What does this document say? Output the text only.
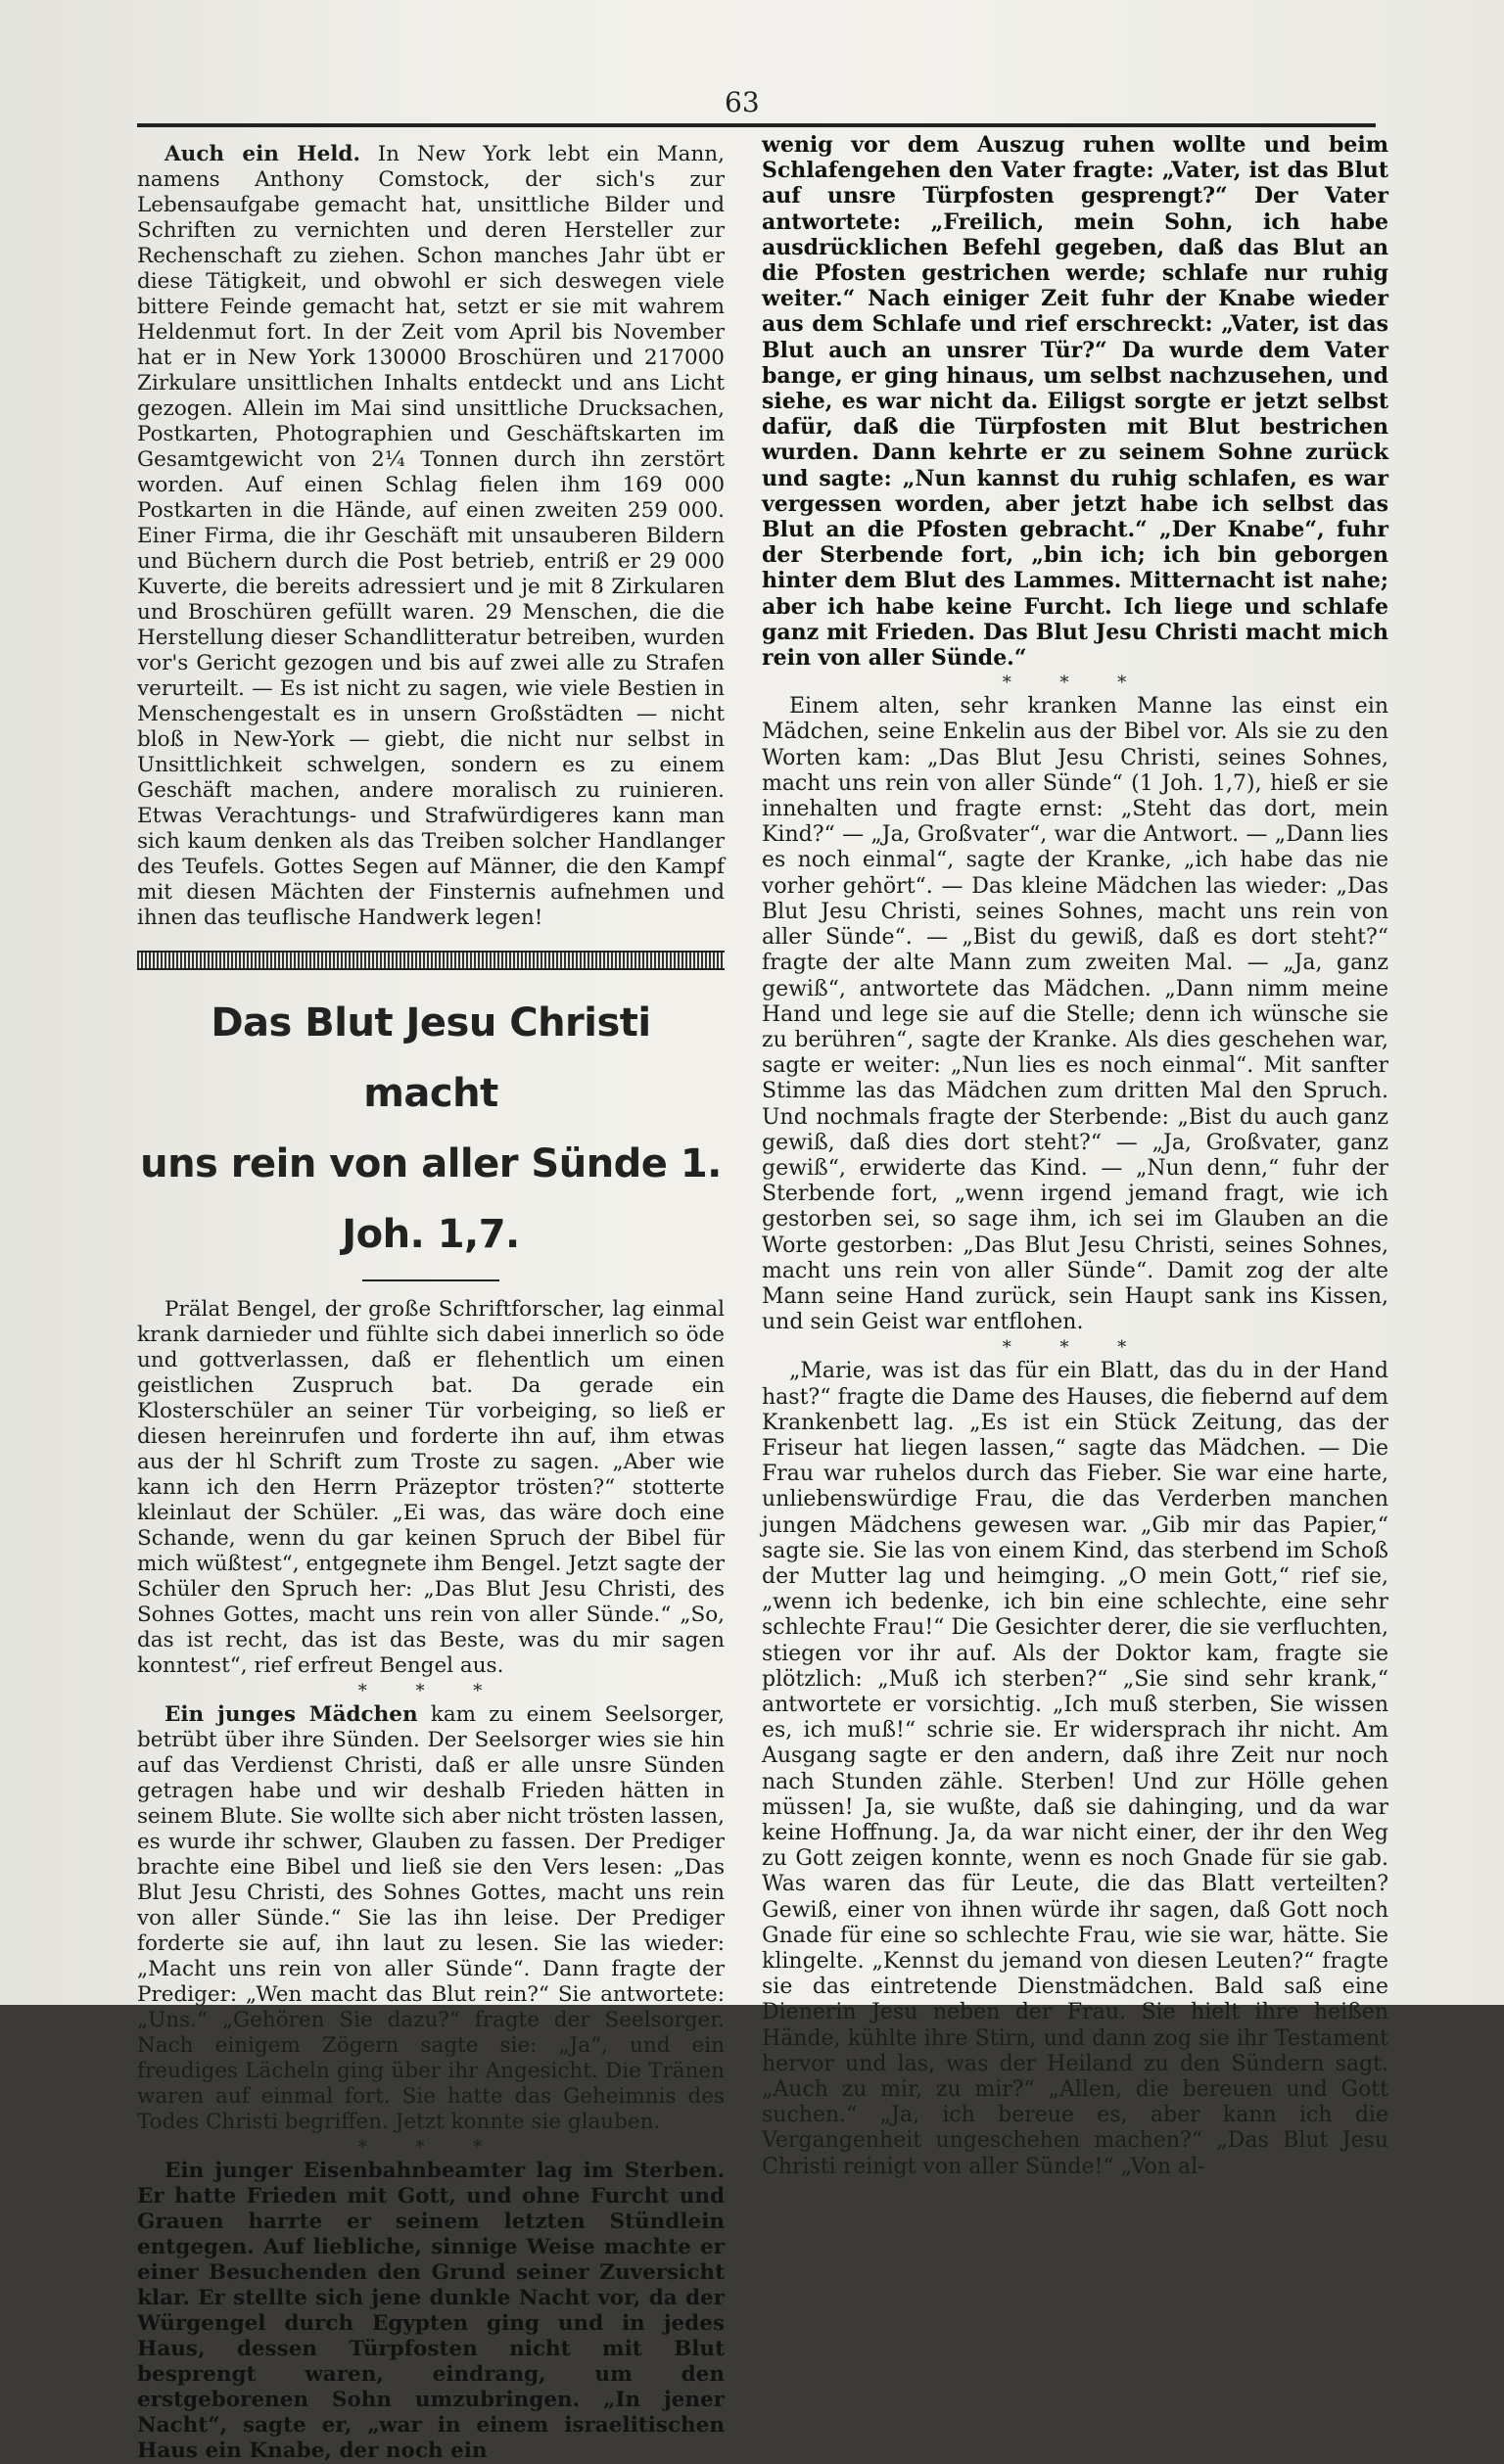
63

Auch ein Held. In New York lebt ein Mann, namens Anthony Comstock, der sich's zur Lebensaufgabe gemacht hat, unsittliche Bilder und Schriften zu vernichten und deren Hersteller zur Rechenschaft zu ziehen. Schon manches Jahr übt er diese Tätigkeit, und obwohl er sich deswegen viele bittere Feinde gemacht hat, setzt er sie mit wahrem Heldenmut fort. In der Zeit vom April bis November hat er in New York 130000 Broschüren und 217000 Zirkulare unsittlichen Inhalts entdeckt und ans Licht gezogen. Allein im Mai sind unsittliche Drucksachen, Postkarten, Photographien und Geschäftskarten im Gesamtgewicht von 2¼ Tonnen durch ihn zerstört worden. Auf einen Schlag fielen ihm 169 000 Postkarten in die Hände, auf einen zweiten 259 000. Einer Firma, die ihr Geschäft mit unsauberen Bildern und Büchern durch die Post betrieb, entriß er 29 000 Kuverte, die bereits adressiert und je mit 8 Zirkularen und Broschüren gefüllt waren. 29 Menschen, die die Herstellung dieser Schandlitteratur betreiben, wurden vor's Gericht gezogen und bis auf zwei alle zu Strafen verurteilt. — Es ist nicht zu sagen, wie viele Bestien in Menschengestalt es in unsern Großstädten — nicht bloß in New-York — giebt, die nicht nur selbst in Unsittlichkeit schwelgen, sondern es zu einem Geschäft machen, andere moralisch zu ruinieren. Etwas Verachtungs- und Strafwürdigeres kann man sich kaum denken als das Treiben solcher Handlanger des Teufels. Gottes Segen auf Männer, die den Kampf mit diesen Mächten der Finsternis aufnehmen und ihnen das teuflische Handwerk legen!

Das Blut Jesu Christi macht
uns rein von aller Sünde 1. Joh. 1,7.

Prälat Bengel, der große Schriftforscher, lag einmal krank darnieder und fühlte sich dabei innerlich so öde und gottverlassen, daß er flehentlich um einen geistlichen Zuspruch bat. Da gerade ein Klosterschüler an seiner Tür vorbeiging, so ließ er diesen hereinrufen und forderte ihn auf, ihm etwas aus der hl Schrift zum Troste zu sagen. „Aber wie kann ich den Herrn Präzeptor trösten?“ stotterte kleinlaut der Schüler. „Ei was, das wäre doch eine Schande, wenn du gar keinen Spruch der Bibel für mich wüßtest“, entgegnete ihm Bengel. Jetzt sagte der Schüler den Spruch her: „Das Blut Jesu Christi, des Sohnes Gottes, macht uns rein von aller Sünde.“ „So, das ist recht, das ist das Beste, was du mir sagen konntest“, rief erfreut Bengel aus.

* * *

Ein junges Mädchen kam zu einem Seelsorger, betrübt über ihre Sünden. Der Seelsorger wies sie hin auf das Verdienst Christi, daß er alle unsre Sünden getragen habe und wir deshalb Frieden hätten in seinem Blute. Sie wollte sich aber nicht trösten lassen, es wurde ihr schwer, Glauben zu fassen. Der Prediger brachte eine Bibel und ließ sie den Vers lesen: „Das Blut Jesu Christi, des Sohnes Gottes, macht uns rein von aller Sünde.“ Sie las ihn leise. Der Prediger forderte sie auf, ihn laut zu lesen. Sie las wieder: „Macht uns rein von aller Sünde“. Dann fragte der Prediger: „Wen macht das Blut rein?“ Sie antwortete: „Uns.“ „Gehören Sie dazu?“ fragte der Seelsorger. Nach einigem Zögern sagte sie: „Ja“, und ein freudiges Lächeln ging über ihr Angesicht. Die Tränen waren auf einmal fort. Sie hatte das Geheimnis des Todes Christi begriffen. Jetzt konnte sie glauben.

* * *

Ein junger Eisenbahnbeamter lag im Sterben. Er hatte Frieden mit Gott, und ohne Furcht und Grauen harrte er seinem letzten Stündlein entgegen. Auf liebliche, sinnige Weise machte er einer Besuchenden den Grund seiner Zuversicht klar. Er stellte sich jene dunkle Nacht vor, da der Würgengel durch Egypten ging und in jedes Haus, dessen Türpfosten nicht mit Blut besprengt waren, eindrang, um den erstgeborenen Sohn umzubringen. „In jener Nacht“, sagte er, „war in einem israelitischen Haus ein Knabe, der noch ein

wenig vor dem Auszug ruhen wollte und beim Schlafengehen den Vater fragte: „Vater, ist das Blut auf unsre Türpfosten gesprengt?“ Der Vater antwortete: „Freilich, mein Sohn, ich habe ausdrücklichen Befehl gegeben, daß das Blut an die Pfosten gestrichen werde; schlafe nur ruhig weiter.“ Nach einiger Zeit fuhr der Knabe wieder aus dem Schlafe und rief erschreckt: „Vater, ist das Blut auch an unsrer Tür?“ Da wurde dem Vater bange, er ging hinaus, um selbst nachzusehen, und siehe, es war nicht da. Eiligst sorgte er jetzt selbst dafür, daß die Türpfosten mit Blut bestrichen wurden. Dann kehrte er zu seinem Sohne zurück und sagte: „Nun kannst du ruhig schlafen, es war vergessen worden, aber jetzt habe ich selbst das Blut an die Pfosten gebracht.“ „Der Knabe“, fuhr der Sterbende fort, „bin ich; ich bin geborgen hinter dem Blut des Lammes. Mitternacht ist nahe; aber ich habe keine Furcht. Ich liege und schlafe ganz mit Frieden. Das Blut Jesu Christi macht mich rein von aller Sünde.“

* * *

Einem alten, sehr kranken Manne las einst ein Mädchen, seine Enkelin aus der Bibel vor. Als sie zu den Worten kam: „Das Blut Jesu Christi, seines Sohnes, macht uns rein von aller Sünde“ (1 Joh. 1,7), hieß er sie innehalten und fragte ernst: „Steht das dort, mein Kind?“ — „Ja, Großvater“, war die Antwort. — „Dann lies es noch einmal“, sagte der Kranke, „ich habe das nie vorher gehört“. — Das kleine Mädchen las wieder: „Das Blut Jesu Christi, seines Sohnes, macht uns rein von aller Sünde“. — „Bist du gewiß, daß es dort steht?“ fragte der alte Mann zum zweiten Mal. — „Ja, ganz gewiß“, antwortete das Mädchen. „Dann nimm meine Hand und lege sie auf die Stelle; denn ich wünsche sie zu berühren“, sagte der Kranke. Als dies geschehen war, sagte er weiter: „Nun lies es noch einmal“. Mit sanfter Stimme las das Mädchen zum dritten Mal den Spruch. Und nochmals fragte der Sterbende: „Bist du auch ganz gewiß, daß dies dort steht?“ — „Ja, Großvater, ganz gewiß“, erwiderte das Kind. — „Nun denn,“ fuhr der Sterbende fort, „wenn irgend jemand fragt, wie ich gestorben sei, so sage ihm, ich sei im Glauben an die Worte gestorben: „Das Blut Jesu Christi, seines Sohnes, macht uns rein von aller Sünde“. Damit zog der alte Mann seine Hand zurück, sein Haupt sank ins Kissen, und sein Geist war entflohen.

* * *

„Marie, was ist das für ein Blatt, das du in der Hand hast?“ fragte die Dame des Hauses, die fiebernd auf dem Krankenbett lag. „Es ist ein Stück Zeitung, das der Friseur hat liegen lassen,“ sagte das Mädchen. — Die Frau war ruhelos durch das Fieber. Sie war eine harte, unliebenswürdige Frau, die das Verderben manchen jungen Mädchens gewesen war. „Gib mir das Papier,“ sagte sie. Sie las von einem Kind, das sterbend im Schoß der Mutter lag und heimging. „O mein Gott,“ rief sie, „wenn ich bedenke, ich bin eine schlechte, eine sehr schlechte Frau!“ Die Gesichter derer, die sie verfluchten, stiegen vor ihr auf. Als der Doktor kam, fragte sie plötzlich: „Muß ich sterben?“ „Sie sind sehr krank,“ antwortete er vorsichtig. „Ich muß sterben, Sie wissen es, ich muß!“ schrie sie. Er widersprach ihr nicht. Am Ausgang sagte er den andern, daß ihre Zeit nur noch nach Stunden zähle. Sterben! Und zur Hölle gehen müssen! Ja, sie wußte, daß sie dahinging, und da war keine Hoffnung. Ja, da war nicht einer, der ihr den Weg zu Gott zeigen konnte, wenn es noch Gnade für sie gab. Was waren das für Leute, die das Blatt verteilten? Gewiß, einer von ihnen würde ihr sagen, daß Gott noch Gnade für eine so schlechte Frau, wie sie war, hätte. Sie klingelte. „Kennst du jemand von diesen Leuten?“ fragte sie das eintretende Dienstmädchen. Bald saß eine Dienerin Jesu neben der Frau. Sie hielt ihre heißen Hände, kühlte ihre Stirn, und dann zog sie ihr Testament hervor und las, was der Heiland zu den Sündern sagt. „Auch zu mir, zu mir?“ „Allen, die bereuen und Gott suchen.“ „Ja, ich bereue es, aber kann ich die Vergangenheit ungeschehen machen?“ „Das Blut Jesu Christi reinigt von aller Sünde!“ „Von al-
